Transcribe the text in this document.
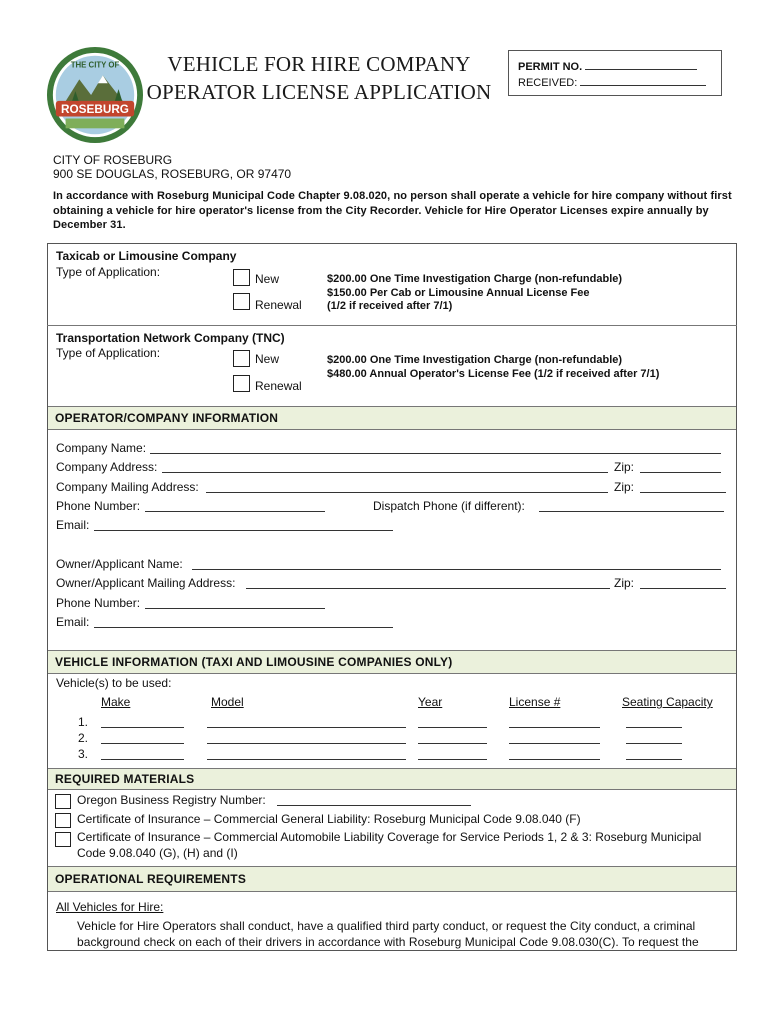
ROSEBURG
THE CITY OF	VEHICLE FOR HIRE COMPANY
OPERATOR LICENSE APPLICATION
PERMIT NO.
RECEIVED:
CITY OF ROSEBURG
900 SE DOUGLAS, ROSEBURG, OR 97470
In accordance with Roseburg Municipal Code Chapter 9.08.020, no person shall operate a vehicle for hire company without first obtaining a vehicle for hire operator's license from the City Recorder. Vehicle for Hire Operator Licenses expire annually by December 31.
Taxicab or Limousine Company
Type of Application:	New
Renewal
$200.00 One Time Investigation Charge (non-refundable)
$150.00 Per Cab or Limousine Annual License Fee
(1/2 if received after 7/1)
Transportation Network Company (TNC)
Type of Application:	New
Renewal
$200.00 One Time Investigation Charge (non-refundable)
$480.00 Annual Operator's License Fee (1/2 if received after 7/1)
OPERATOR/COMPANY INFORMATION
Company Name:
Company Address:	Zip:
Company Mailing Address:	Zip:
Phone Number:	Dispatch Phone (if different):
Email:
Owner/Applicant Name:
Owner/Applicant Mailing Address:	Zip:
Phone Number:
Email:
VEHICLE INFORMATION (TAXI AND LIMOUSINE COMPANIES ONLY)
Vehicle(s) to be used:
Make	Model	Year	License #	Seating Capacity
1.
2.
3.
REQUIRED MATERIALS
Oregon Business Registry Number:
Certificate of Insurance – Commercial General Liability: Roseburg Municipal Code 9.08.040 (F)
Certificate of Insurance – Commercial Automobile Liability Coverage for Service Periods 1, 2 & 3: Roseburg Municipal
Code 9.08.040 (G), (H) and (I)
OPERATIONAL REQUIREMENTS
All Vehicles for Hire:
Vehicle for Hire Operators shall conduct, have a qualified third party conduct, or request the City conduct, a criminal
background check on each of their drivers in accordance with Roseburg Municipal Code 9.08.030(C). To request the
